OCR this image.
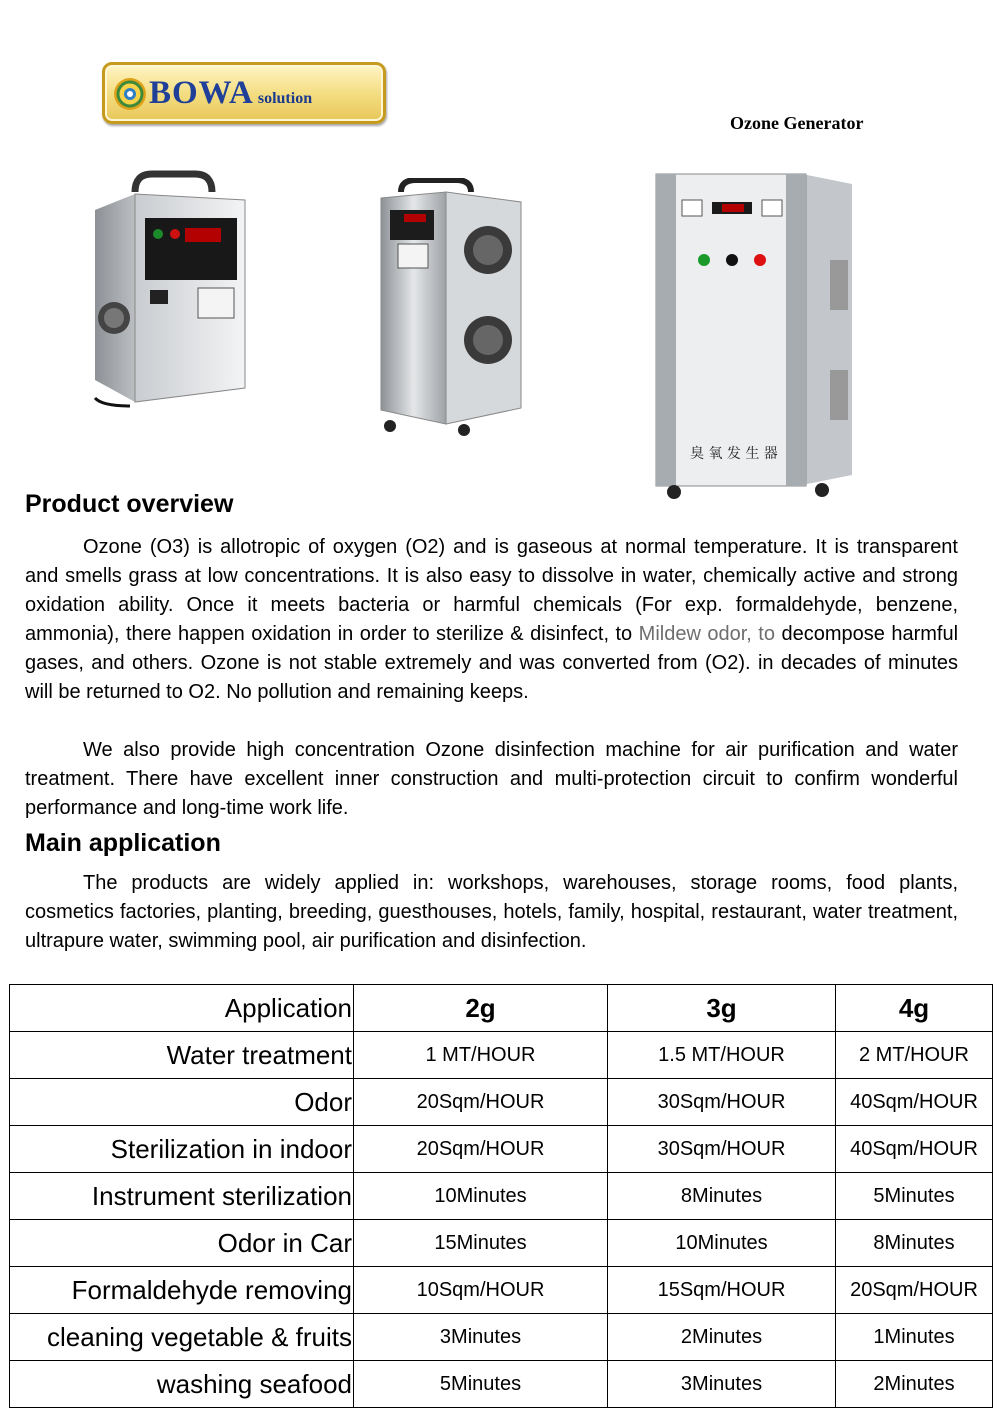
BOWA solution
Ozone Generator
臭 氧 发 生 器
Product overview

Ozone (O3) is allotropic of oxygen (O2) and is gaseous at normal temperature. It is transparent and smells grass at low concentrations. It is also easy to dissolve in water, chemically active and strong oxidation ability. Once it meets bacteria or harmful chemicals (For exp. formaldehyde, benzene, ammonia), there happen oxidation in order to sterilize & disinfect, to Mildew odor, to decompose harmful gases, and others. Ozone is not stable extremely and was converted from (O2). in decades of minutes will be returned to O2. No pollution and remaining keeps.

We also provide high concentration Ozone disinfection machine for air purification and water treatment. There have excellent inner construction and multi-protection circuit to confirm wonderful performance and long-time work life.

Main application

The products are widely applied in: workshops, warehouses, storage rooms, food plants, cosmetics factories, planting, breeding, guesthouses, hotels, family, hospital, restaurant, water treatment, ultrapure water, swimming pool, air purification and disinfection.

Application	2g	3g	4g
Water treatment	1 MT/HOUR	1.5 MT/HOUR	2 MT/HOUR
Odor	20Sqm/HOUR	30Sqm/HOUR	40Sqm/HOUR
Sterilization in indoor	20Sqm/HOUR	30Sqm/HOUR	40Sqm/HOUR
Instrument sterilization	10Minutes	8Minutes	5Minutes
Odor in Car	15Minutes	10Minutes	8Minutes
Formaldehyde removing	10Sqm/HOUR	15Sqm/HOUR	20Sqm/HOUR
cleaning vegetable & fruits	3Minutes	2Minutes	1Minutes
washing seafood	5Minutes	3Minutes	2Minutes
